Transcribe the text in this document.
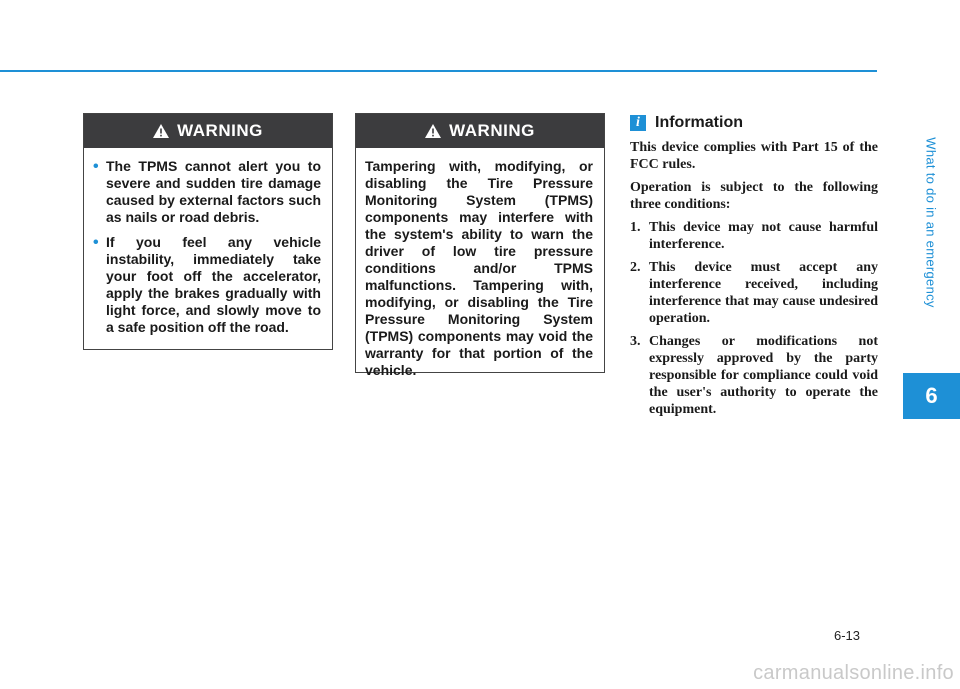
What to do in an emergency
6
WARNING
• The TPMS cannot alert you to severe and sudden tire damage caused by external factors such as nails or road debris.
• If you feel any vehicle instability, immediately take your foot off the accelerator, apply the brakes gradually with light force, and slowly move to a safe position off the road.
WARNING
Tampering with, modifying, or disabling the Tire Pressure Monitoring System (TPMS) components may interfere with the system's ability to warn the driver of low tire pressure conditions and/or TPMS malfunctions. Tampering with, modifying, or disabling the Tire Pressure Monitoring System (TPMS) components may void the warranty for that portion of the vehicle.
i Information

This device complies with Part 15 of the FCC rules.

Operation is subject to the following three conditions:

1. This device may not cause harmful interference.
2. This device must accept any interference received, including interference that may cause undesired operation.
3. Changes or modifications not expressly approved by the party responsible for compliance could void the user's authority to operate the equipment.
6-13
carmanualsonline.info
